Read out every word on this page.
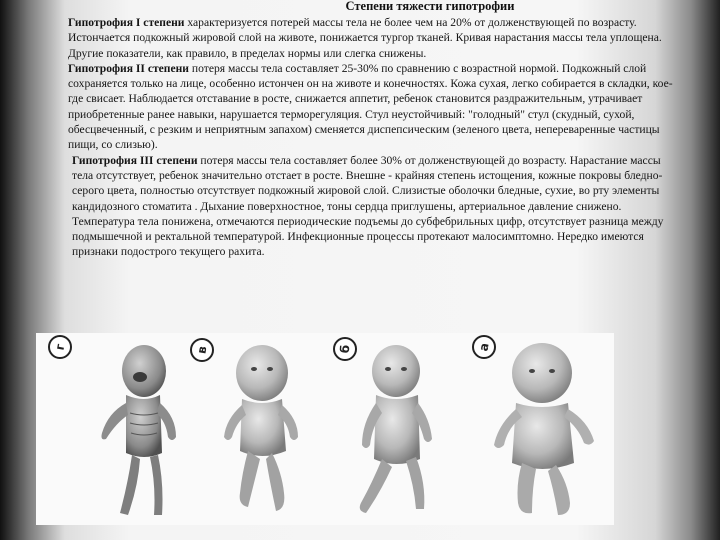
Степени тяжести гипотрофии

Гипотрофия I степени характеризуется потерей массы тела не более чем на 20% от долженствующей по возрасту. Истончается подкожный жировой слой на животе, понижается тургор тканей. Кривая нарастания массы тела уплощена. Другие показатели, как правило, в пределах нормы или слегка снижены.

Гипотрофия II степени потеря массы тела составляет 25-30% по сравнению с возрастной нормой. Подкожный слой сохраняется только на лице, особенно истончен он на животе и конечностях. Кожа сухая, легко собирается в складки, кое-где свисает. Наблюдается отставание в росте, снижается аппетит, ребенок становится раздражительным, утрачивает приобретенные ранее навыки, нарушается терморегуляция. Стул неустойчивый: "голодный" стул (скудный, сухой, обесцвеченный, с резким и неприятным запахом) сменяется диспепсическим (зеленого цвета, непереваренные частицы пищи, со слизью).

Гипотрофия III степени потеря массы тела составляет более 30% от долженствующей до возрасту. Нарастание массы тела отсутствует, ребенок значительно отстает в росте. Внешне - крайняя степень истощения, кожные покровы бледно-серого цвета, полностью отсутствует подкожный жировой слой. Слизистые оболочки бледные, сухие, во рту элементы кандидозного стоматита . Дыхание поверхностное, тоны сердца приглушены, артериальное давление снижено. Температура тела понижена, отмечаются периодические подъемы до субфебрильных цифр, отсутствует разница между подмышечной и ректальной температурой. Инфекционные процессы протекают малосимптомно. Нередко имеются признаки подострого текущего рахита.

г	в	б	а
